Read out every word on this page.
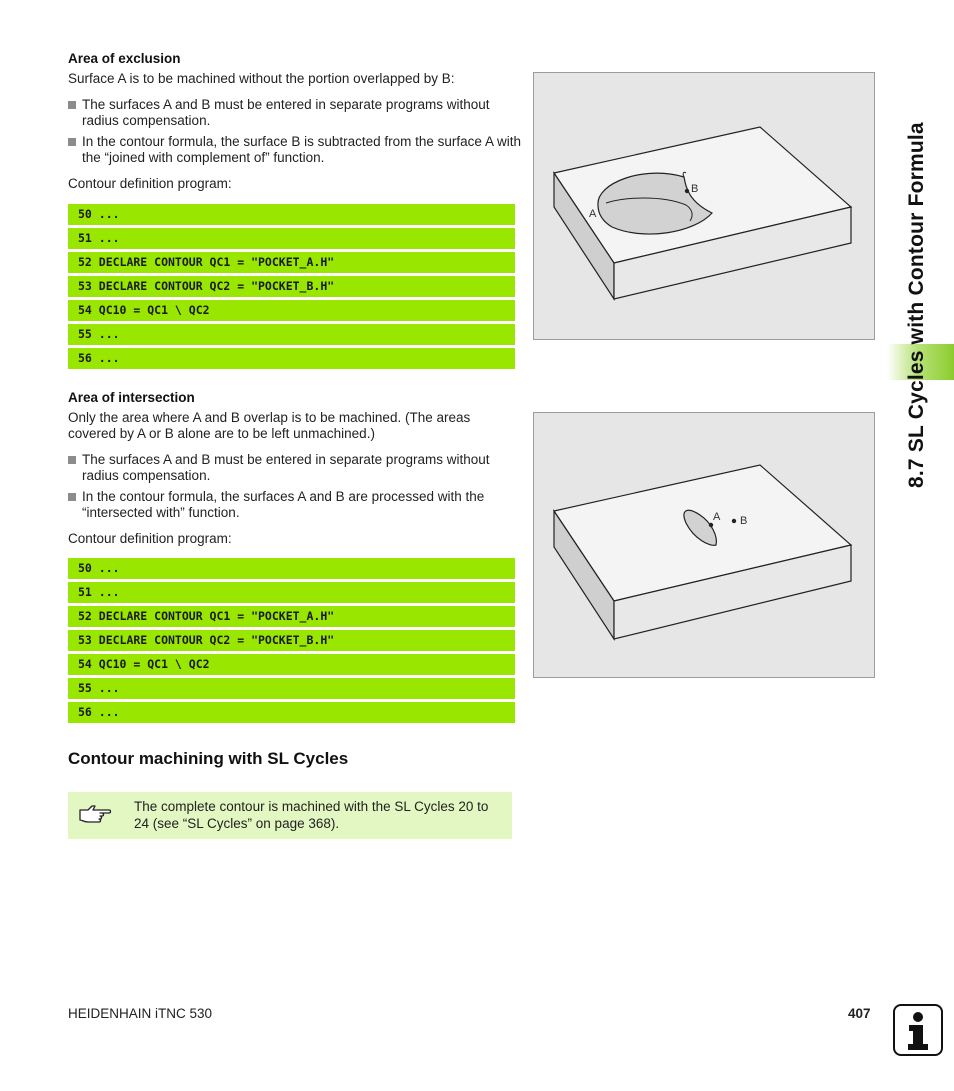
8.7 SL Cycles with Contour Formula
Area of exclusion
Surface A is to be machined without the portion overlapped by B:
The surfaces A and B must be entered in separate programs without radius compensation.
In the contour formula, the surface B is subtracted from the surface A with the “joined with complement of” function.
Contour definition program:
50 ...
51 ...
52 DECLARE CONTOUR QC1 = "POCKET_A.H"
53 DECLARE CONTOUR QC2 = "POCKET_B.H"
54 QC10 = QC1 \ QC2
55 ...
56 ...
B
A
Area of intersection
Only the area where A and B overlap is to be machined. (The areas covered by A or B alone are to be left unmachined.)
The surfaces A and B must be entered in separate programs without radius compensation.
In the contour formula, the surfaces A and B are processed with the “intersected with” function.
Contour definition program:
50 ...
51 ...
52 DECLARE CONTOUR QC1 = "POCKET_A.H"
53 DECLARE CONTOUR QC2 = "POCKET_B.H"
54 QC10 = QC1 \ QC2
55 ...
56 ...
A B
Contour machining with SL Cycles
The complete contour is machined with the SL Cycles 20 to 24 (see “SL Cycles” on page 368).
HEIDENHAIN iTNC 530	407
